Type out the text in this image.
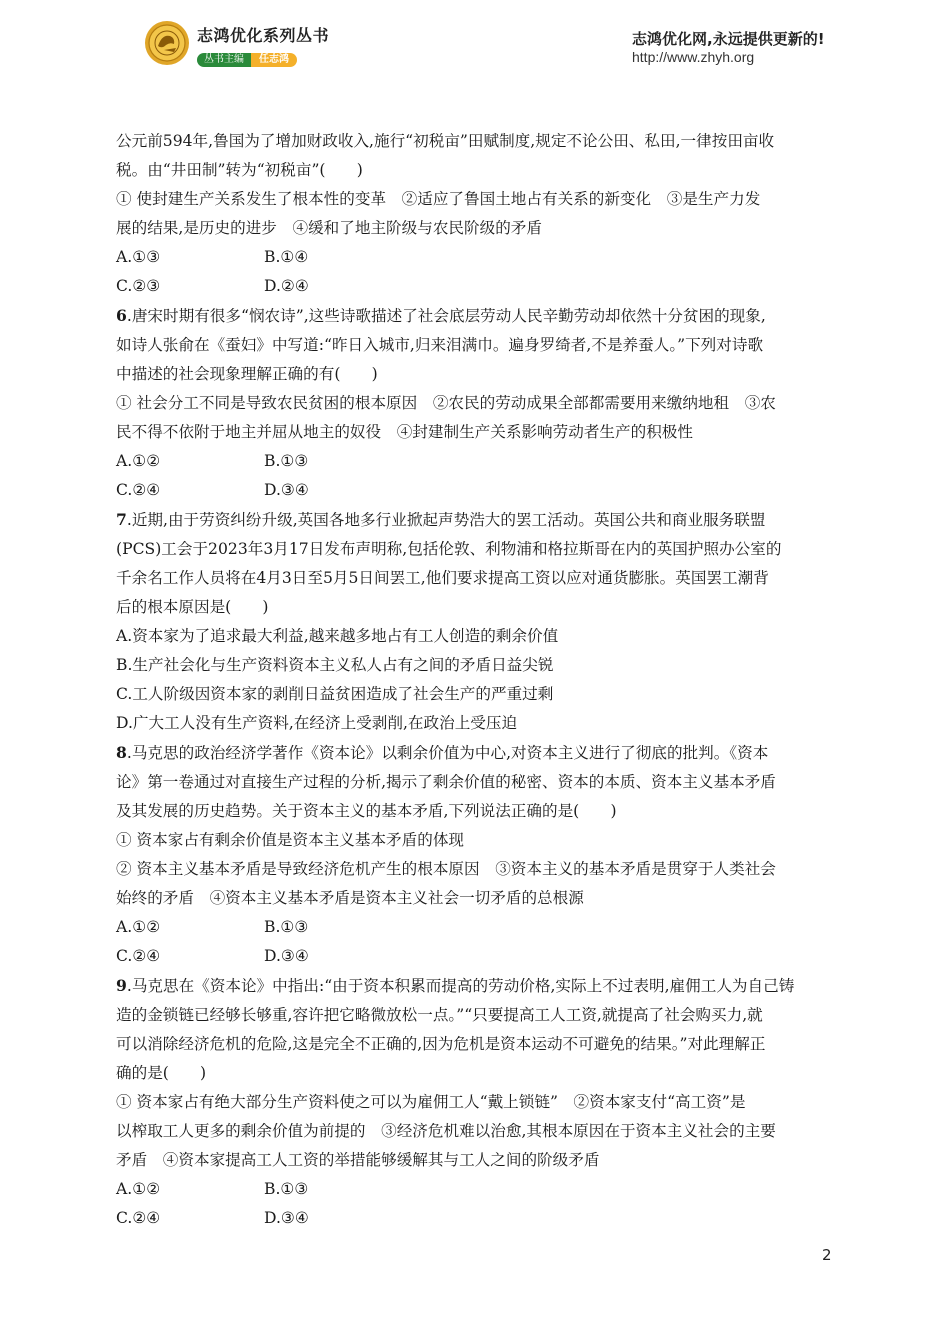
志鸿优化系列丛书
丛书主编 任志鸿
志鸿优化网,永远提供更新的!
http://www.zhyh.org

公元前594年,鲁国为了增加财政收入,施行“初税亩”田赋制度,规定不论公田、私田,一律按田亩收

税。由“井田制”转为“初税亩”(　　)

① 使封建生产关系发生了根本性的变革　②适应了鲁国土地占有关系的新变化　③是生产力发

展的结果,是历史的进步　④缓和了地主阶级与农民阶级的矛盾

A.①③	B.①④

C.②③	D.②④

6.唐宋时期有很多“悯农诗”,这些诗歌描述了社会底层劳动人民辛勤劳动却依然十分贫困的现象,

如诗人张俞在《蚕妇》中写道:“昨日入城市,归来泪满巾。遍身罗绮者,不是养蚕人。”下列对诗歌

中描述的社会现象理解正确的有(　　)

① 社会分工不同是导致农民贫困的根本原因　②农民的劳动成果全部都需要用来缴纳地租　③农

民不得不依附于地主并屈从地主的奴役　④封建制生产关系影响劳动者生产的积极性

A.①②	B.①③

C.②④	D.③④

7.近期,由于劳资纠纷升级,英国各地多行业掀起声势浩大的罢工活动。英国公共和商业服务联盟

(PCS)工会于2023年3月17日发布声明称,包括伦敦、利物浦和格拉斯哥在内的英国护照办公室的

千余名工作人员将在4月3日至5月5日间罢工,他们要求提高工资以应对通货膨胀。英国罢工潮背

后的根本原因是(　　)

A.资本家为了追求最大利益,越来越多地占有工人创造的剩余价值

B.生产社会化与生产资料资本主义私人占有之间的矛盾日益尖锐

C.工人阶级因资本家的剥削日益贫困造成了社会生产的严重过剩

D.广大工人没有生产资料,在经济上受剥削,在政治上受压迫

8.马克思的政治经济学著作《资本论》以剩余价值为中心,对资本主义进行了彻底的批判。《资本

论》第一卷通过对直接生产过程的分析,揭示了剩余价值的秘密、资本的本质、资本主义基本矛盾

及其发展的历史趋势。关于资本主义的基本矛盾,下列说法正确的是(　　)

① 资本家占有剩余价值是资本主义基本矛盾的体现

② 资本主义基本矛盾是导致经济危机产生的根本原因　③资本主义的基本矛盾是贯穿于人类社会

始终的矛盾　④资本主义基本矛盾是资本主义社会一切矛盾的总根源

A.①②	B.①③

C.②④	D.③④

9.马克思在《资本论》中指出:“由于资本积累而提高的劳动价格,实际上不过表明,雇佣工人为自己铸

造的金锁链已经够长够重,容许把它略微放松一点。”“只要提高工人工资,就提高了社会购买力,就

可以消除经济危机的危险,这是完全不正确的,因为危机是资本运动不可避免的结果。”对此理解正

确的是(　　)

① 资本家占有绝大部分生产资料使之可以为雇佣工人“戴上锁链”　②资本家支付“高工资”是

以榨取工人更多的剩余价值为前提的　③经济危机难以治愈,其根本原因在于资本主义社会的主要

矛盾　④资本家提高工人工资的举措能够缓解其与工人之间的阶级矛盾

A.①②	B.①③

C.②④	D.③④

2
